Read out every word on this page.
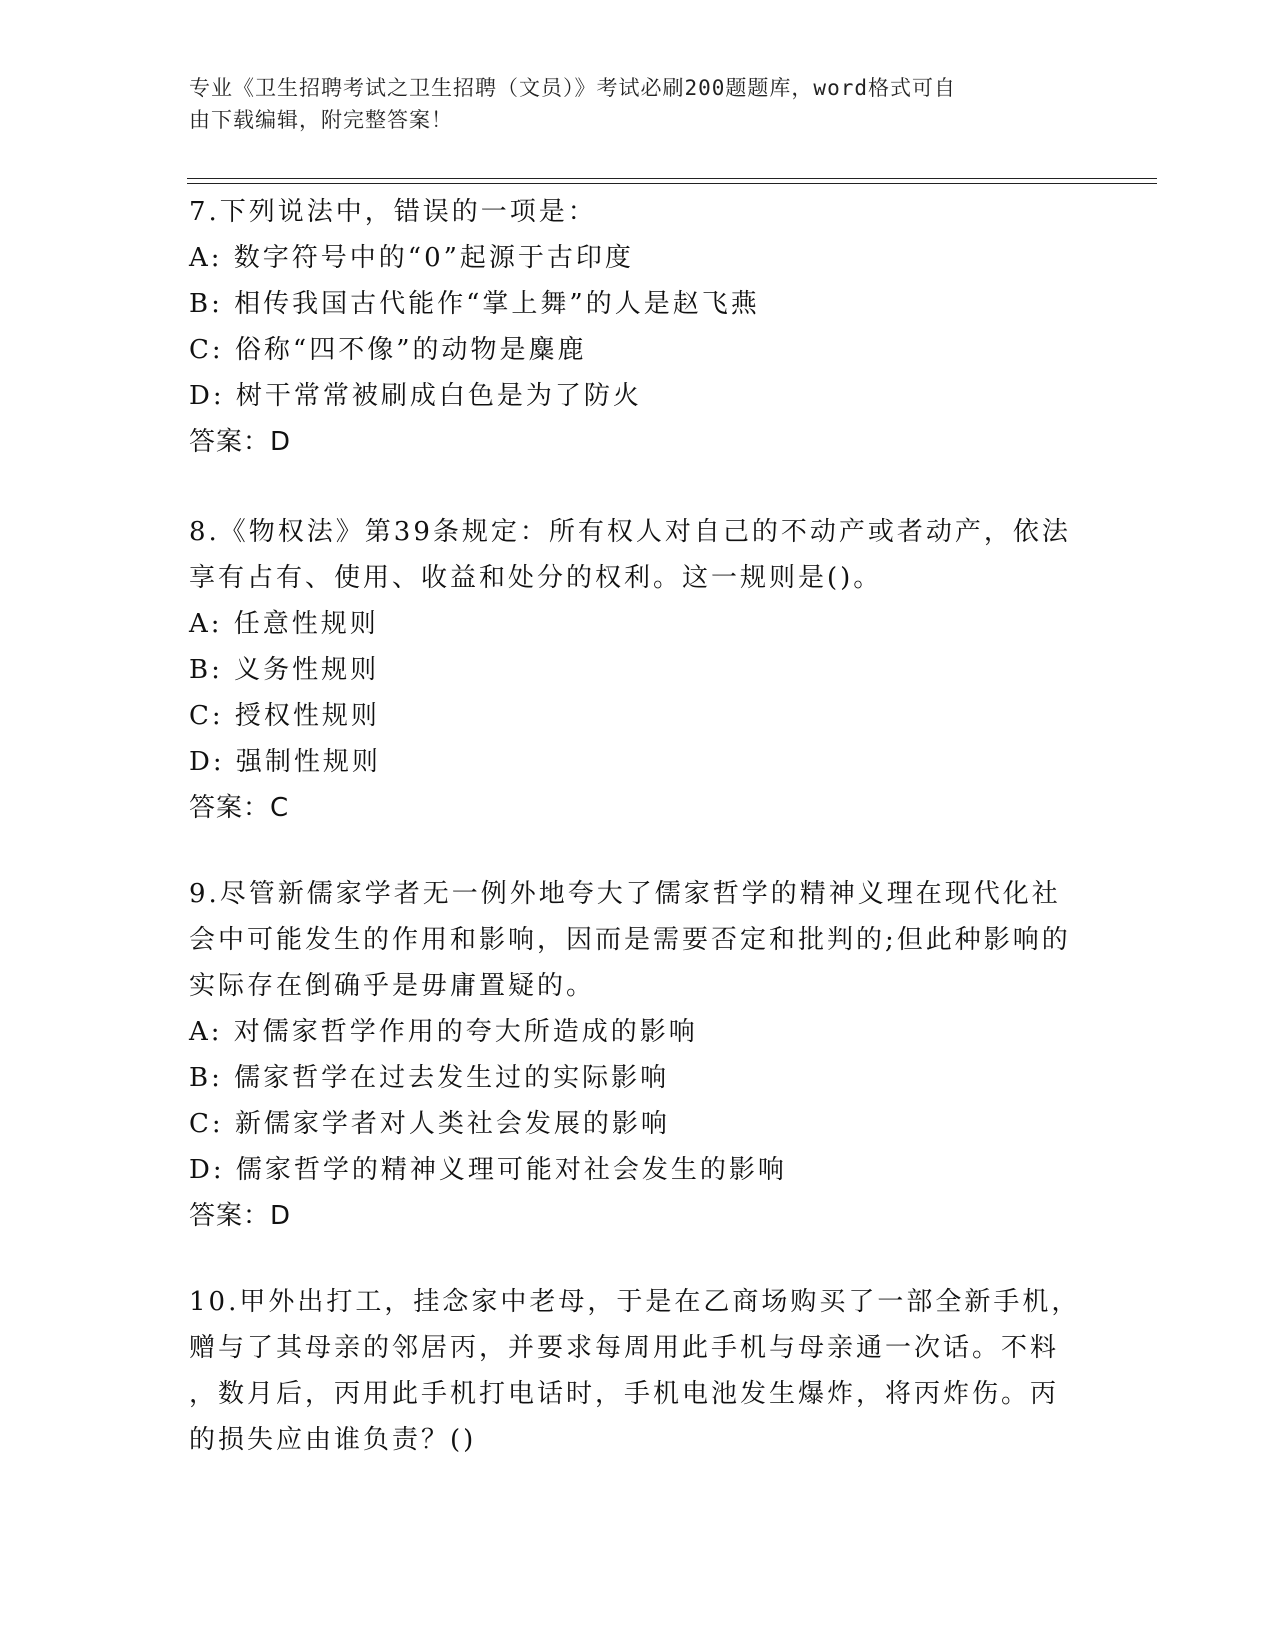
专业《卫生招聘考试之卫生招聘（文员）》考试必刷200题题库，word格式可自
由下载编辑，附完整答案！
7.下列说法中，错误的一项是：
A: 数字符号中的“0”起源于古印度
B: 相传我国古代能作“掌上舞”的人是赵飞燕
C: 俗称“四不像”的动物是麋鹿
D: 树干常常被刷成白色是为了防火
答案：D
8.《物权法》第39条规定：所有权人对自己的不动产或者动产，依法
享有占有、使用、收益和处分的权利。这一规则是()。
A: 任意性规则
B: 义务性规则
C: 授权性规则
D: 强制性规则
答案：C
9.尽管新儒家学者无一例外地夸大了儒家哲学的精神义理在现代化社
会中可能发生的作用和影响，因而是需要否定和批判的;但此种影响的
实际存在倒确乎是毋庸置疑的。
A: 对儒家哲学作用的夸大所造成的影响
B: 儒家哲学在过去发生过的实际影响
C: 新儒家学者对人类社会发展的影响
D: 儒家哲学的精神义理可能对社会发生的影响
答案：D
10.甲外出打工，挂念家中老母，于是在乙商场购买了一部全新手机，
赠与了其母亲的邻居丙，并要求每周用此手机与母亲通一次话。不料
，数月后，丙用此手机打电话时，手机电池发生爆炸，将丙炸伤。丙
的损失应由谁负责？()
